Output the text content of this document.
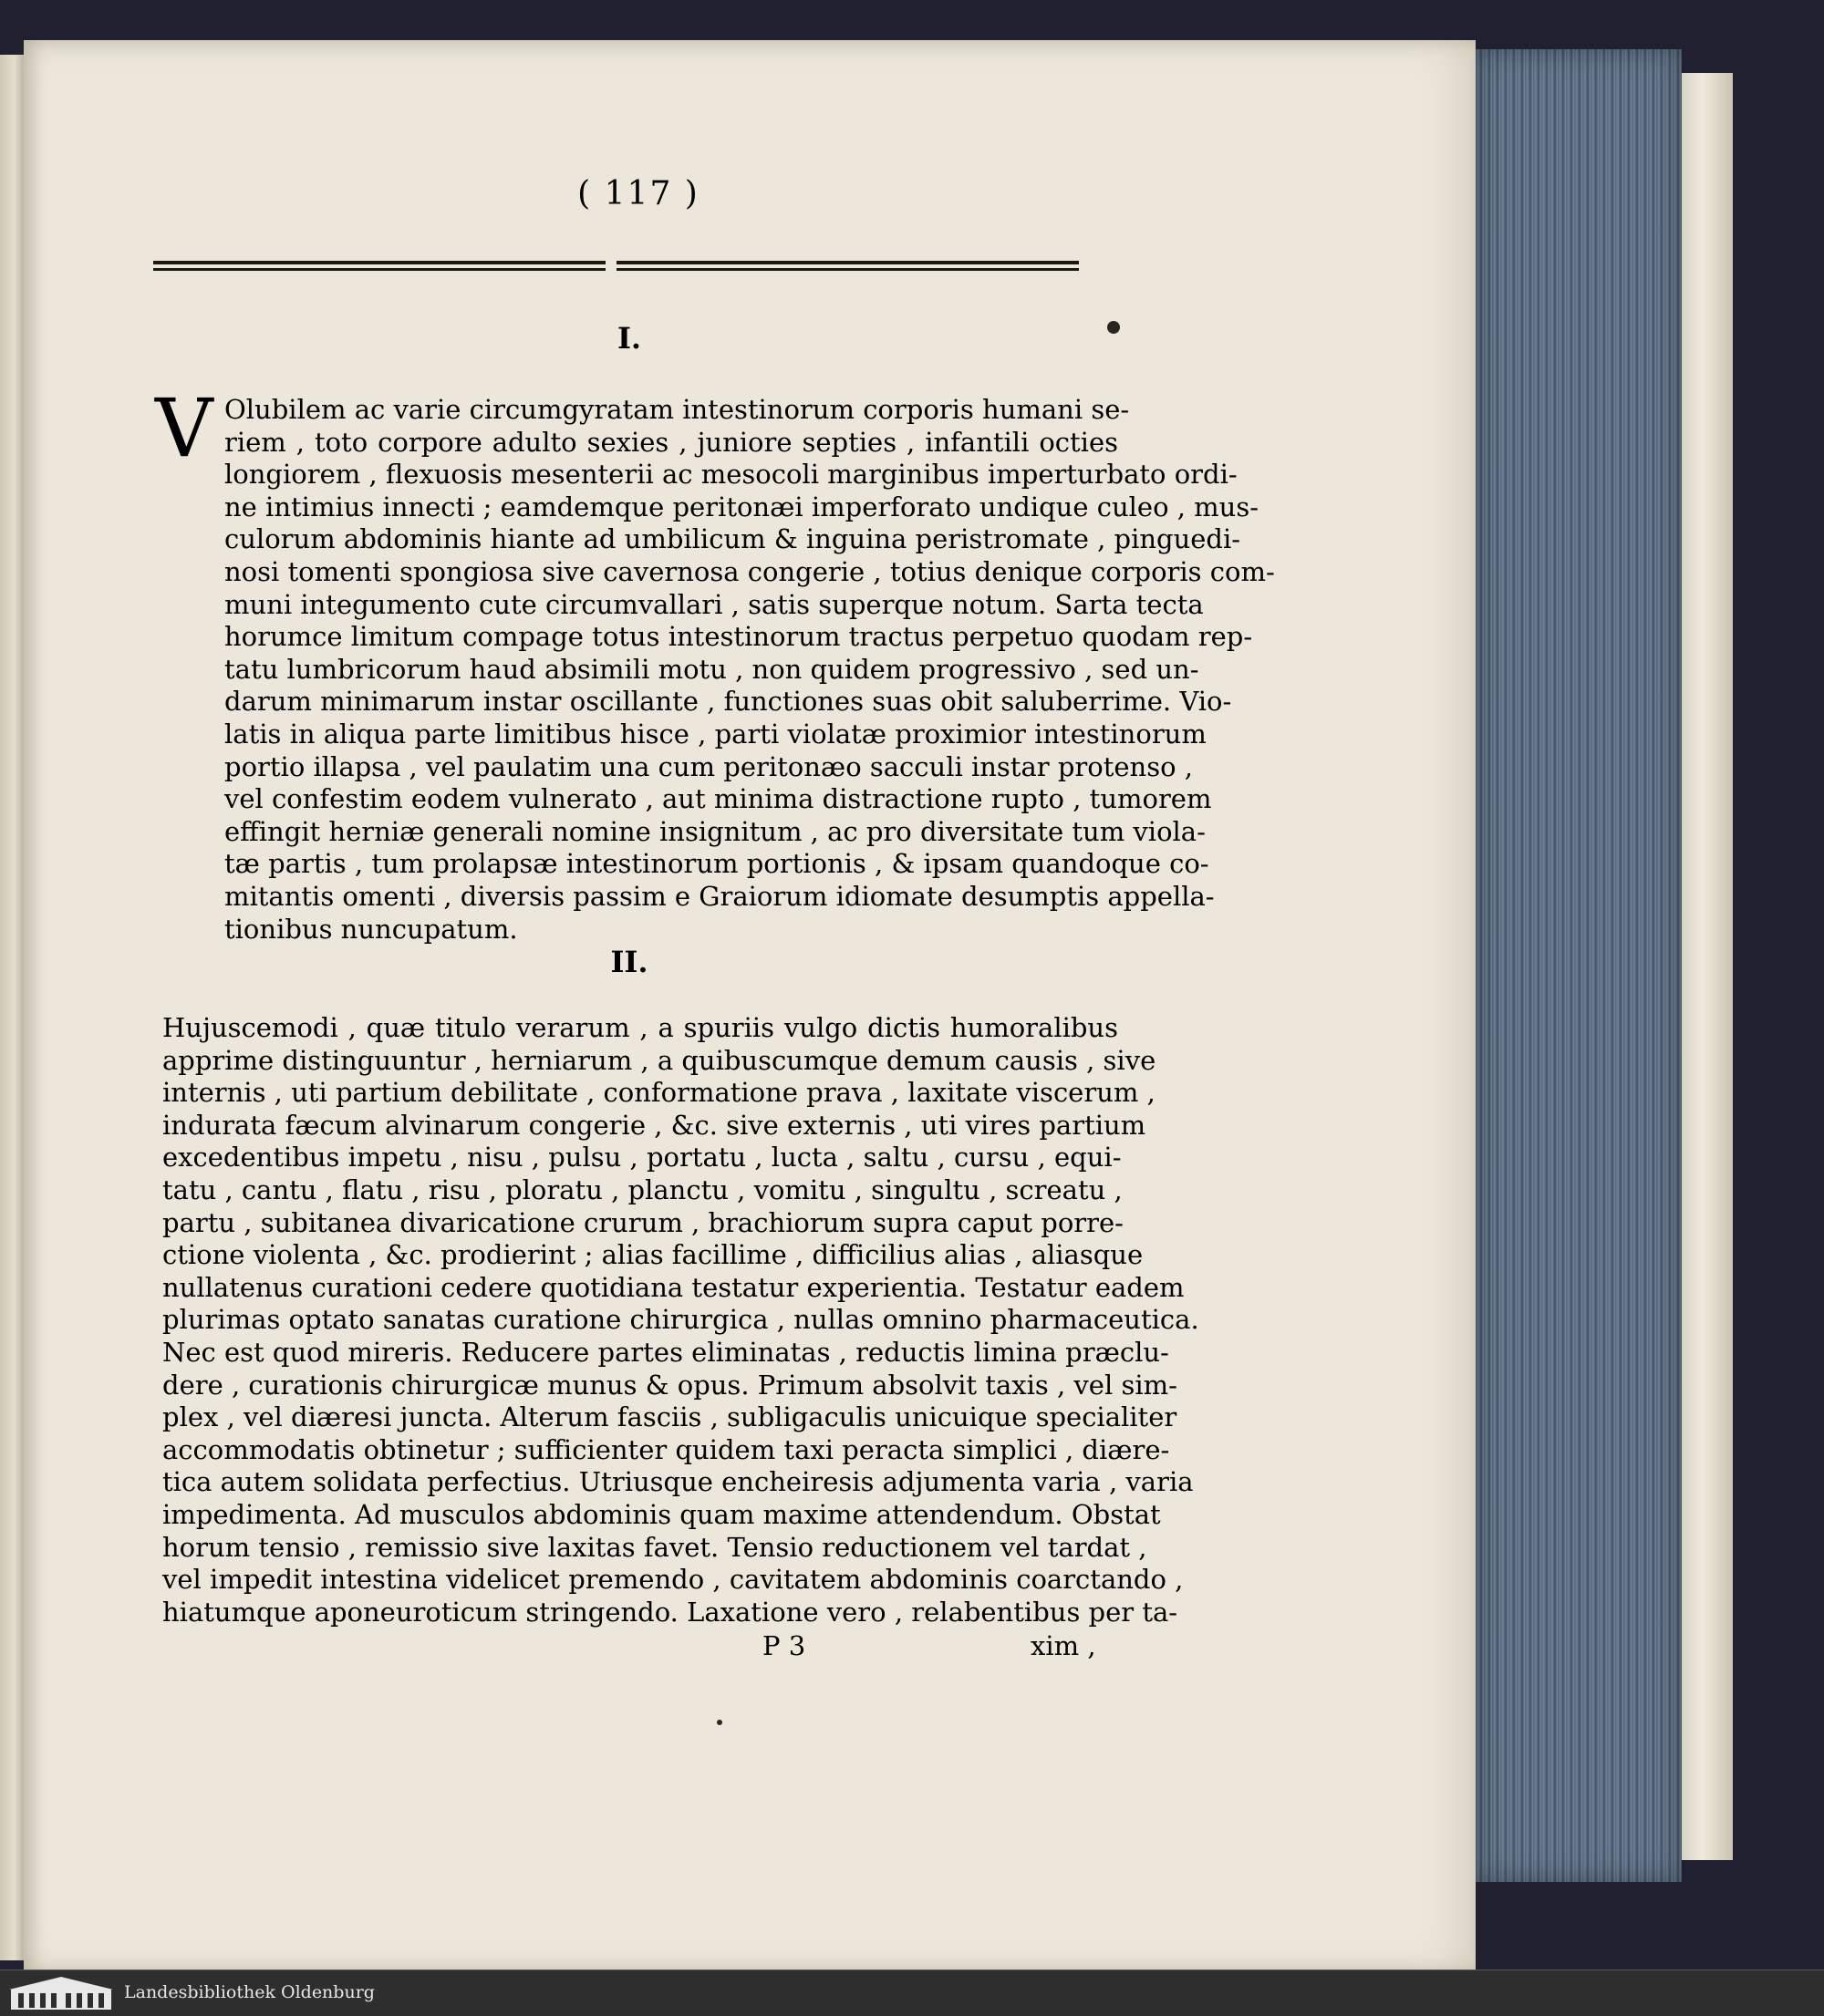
( 117 )
I.
V Olubilem ac varie circumgyratam intestinorum corporis humani se-
riem , toto corpore adulto sexies , juniore septies , infantili octies
longiorem , flexuosis mesenterii ac mesocoli marginibus imperturbato ordi-
ne intimius innecti ; eamdemque peritonæi imperforato undique culeo , mus-
culorum abdominis hiante ad umbilicum & inguina peristromate , pinguedi-
nosi tomenti spongiosa sive cavernosa congerie , totius denique corporis com-
muni integumento cute circumvallari , satis superque notum. Sarta tecta
horumce limitum compage totus intestinorum tractus perpetuo quodam rep-
tatu lumbricorum haud absimili motu , non quidem progressivo , sed un-
darum minimarum instar oscillante , functiones suas obit saluberrime. Vio-
latis in aliqua parte limitibus hisce , parti violatæ proximior intestinorum
portio illapsa , vel paulatim una cum peritonæo sacculi instar protenso ,
vel confestim eodem vulnerato , aut minima distractione rupto , tumorem
effingit herniæ generali nomine insignitum , ac pro diversitate tum viola-
tæ partis , tum prolapsæ intestinorum portionis , & ipsam quandoque co-
mitantis omenti , diversis passim e Graiorum idiomate desumptis appella-
tionibus nuncupatum.
II.
Hujuscemodi , quæ titulo verarum , a spuriis vulgo dictis humoralibus
apprime distinguuntur , herniarum , a quibuscumque demum causis , sive
internis , uti partium debilitate , conformatione prava , laxitate viscerum ,
indurata fæcum alvinarum congerie , &c. sive externis , uti vires partium
excedentibus impetu , nisu , pulsu , portatu , lucta , saltu , cursu , equi-
tatu , cantu , flatu , risu , ploratu , planctu , vomitu , singultu , screatu ,
partu , subitanea divaricatione crurum , brachiorum supra caput porre-
ctione violenta , &c. prodierint ; alias facillime , difficilius alias , aliasque
nullatenus curationi cedere quotidiana testatur experientia. Testatur eadem
plurimas optato sanatas curatione chirurgica , nullas omnino pharmaceutica.
Nec est quod mireris. Reducere partes eliminatas , reductis limina præclu-
dere , curationis chirurgicæ munus & opus. Primum absolvit taxis , vel sim-
plex , vel diæresi juncta. Alterum fasciis , subligaculis unicuique specialiter
accommodatis obtinetur ; sufficienter quidem taxi peracta simplici , diære-
tica autem solidata perfectius. Utriusque encheiresis adjumenta varia , varia
impedimenta. Ad musculos abdominis quam maxime attendendum. Obstat
horum tensio , remissio sive laxitas favet. Tensio reductionem vel tardat ,
vel impedit intestina videlicet premendo , cavitatem abdominis coarctando ,
hiatumque aponeuroticum stringendo. Laxatione vero , relabentibus per ta-
P 3	xim ,
Landesbibliothek Oldenburg
